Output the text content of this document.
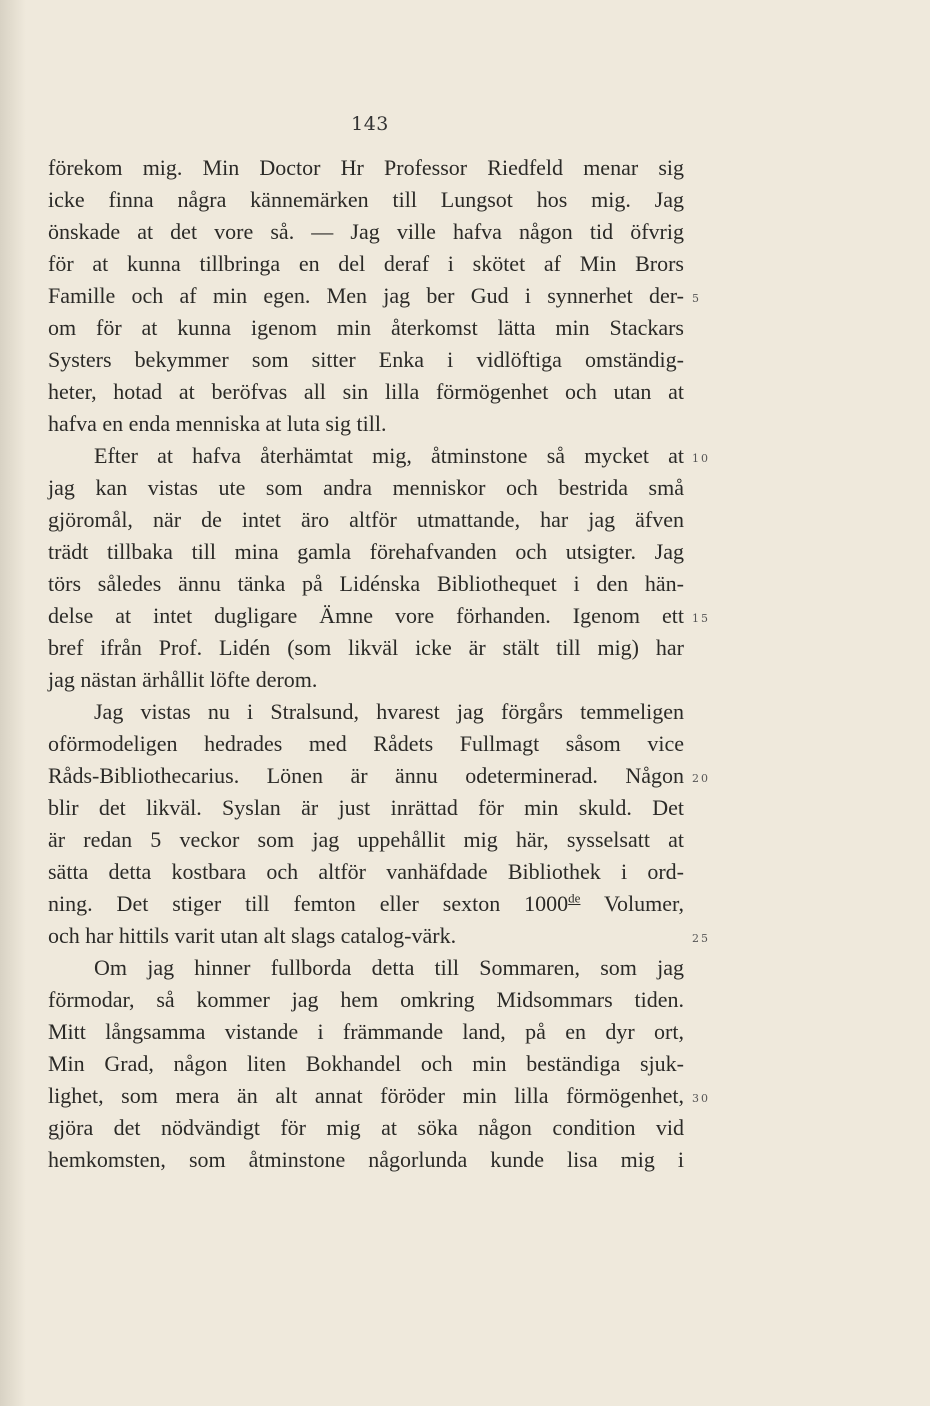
143
förekom mig. Min Doctor Hr Professor Riedfeld menar sig
icke finna några kännemärken till Lungsot hos mig. Jag
önskade at det vore så. — Jag ville hafva någon tid öfvrig
för at kunna tillbringa en del deraf i skötet af Min Brors
Famille och af min egen. Men jag ber Gud i synnerhet der-
om för at kunna igenom min återkomst lätta min Stackars
Systers bekymmer som sitter Enka i vidlöftiga omständig-
heter, hotad at beröfvas all sin lilla förmögenhet och utan at
hafva en enda menniska at luta sig till.
Efter at hafva återhämtat mig, åtminstone så mycket at
jag kan vistas ute som andra menniskor och bestrida små
gjöromål, när de intet äro altför utmattande, har jag äfven
trädt tillbaka till mina gamla förehafvanden och utsigter. Jag
törs således ännu tänka på Lidénska Bibliothequet i den hän-
delse at intet dugligare Ämne vore förhanden. Igenom ett
bref ifrån Prof. Lidén (som likväl icke är stält till mig) har
jag nästan ärhållit löfte derom.
Jag vistas nu i Stralsund, hvarest jag förgårs temmeligen
oförmodeligen hedrades med Rådets Fullmagt såsom vice
Råds-Bibliothecarius. Lönen är ännu odeterminerad. Någon
blir det likväl. Syslan är just inrättad för min skuld. Det
är redan 5 veckor som jag uppehållit mig här, sysselsatt at
sätta detta kostbara och altför vanhäfdade Bibliothek i ord-
ning. Det stiger till femton eller sexton 1000de Volumer,
och har hittils varit utan alt slags catalog-värk.
Om jag hinner fullborda detta till Sommaren, som jag
förmodar, så kommer jag hem omkring Midsommars tiden.
Mitt långsamma vistande i främmande land, på en dyr ort,
Min Grad, någon liten Bokhandel och min beständiga sjuk-
lighet, som mera än alt annat föröder min lilla förmögenhet,
gjöra det nödvändigt för mig at söka någon condition vid
hemkomsten, som åtminstone någorlunda kunde lisa mig i
5
10
15
20
25
30
